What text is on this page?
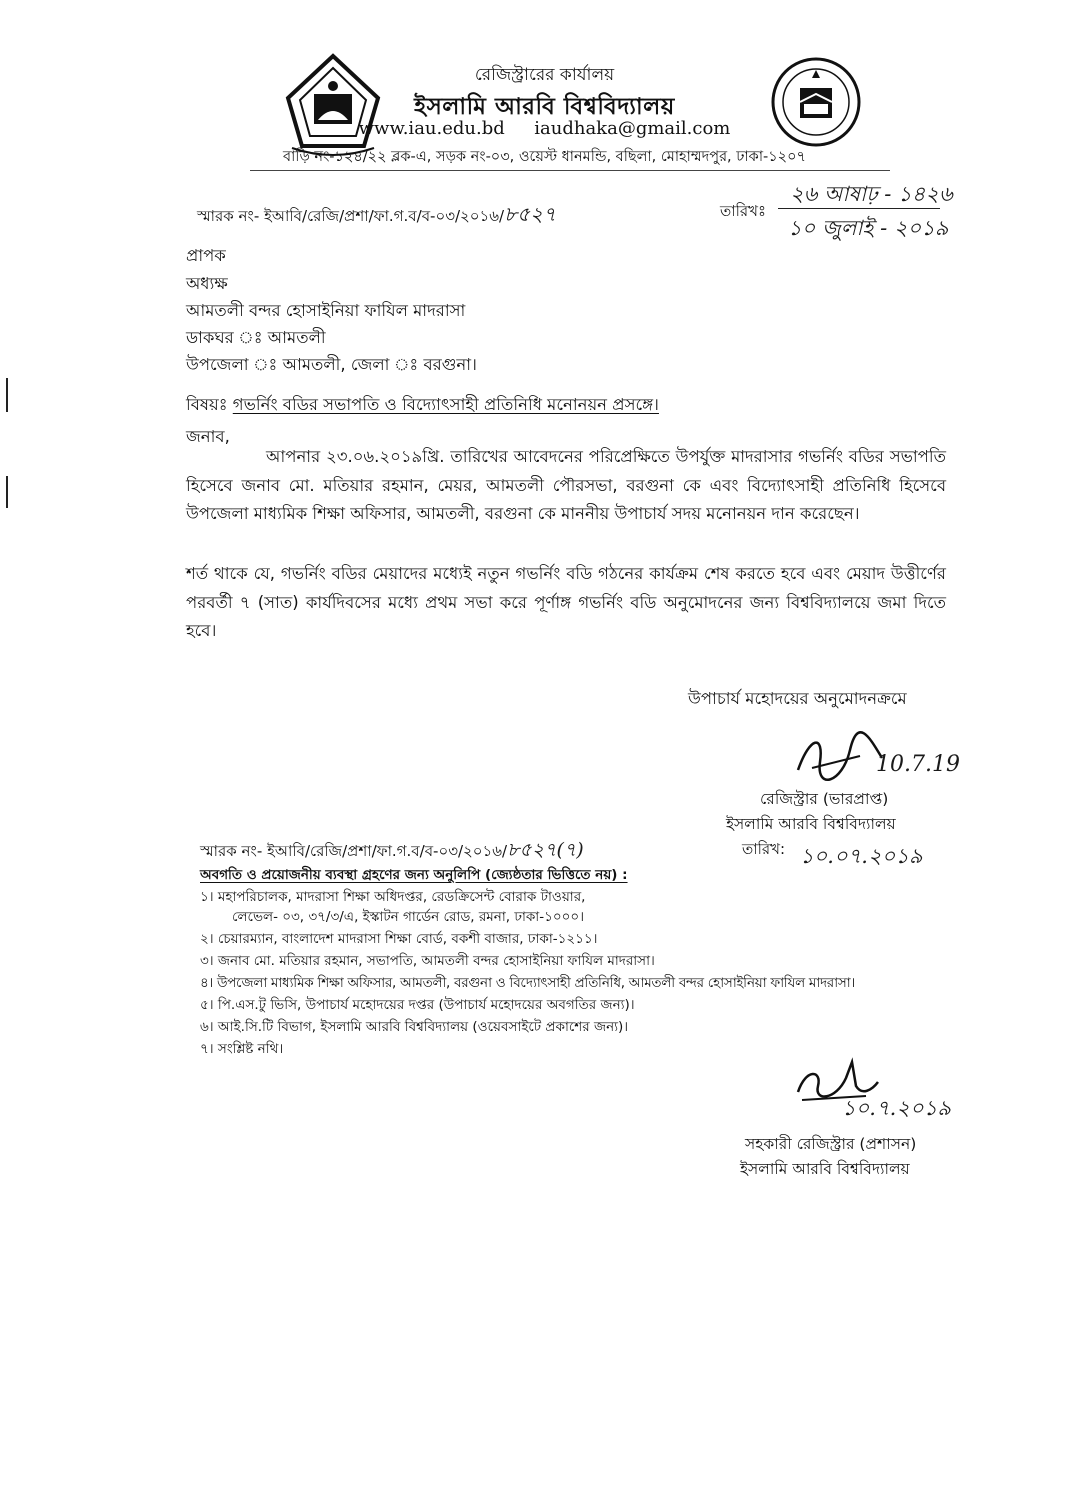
রেজিস্ট্রারের কার্যালয়
ইসলামি আরবি বিশ্ববিদ্যালয়
www.iau.edu.bd iaudhaka@gmail.com
বাড়ি নং-১২৪/২২ ব্লক-এ, সড়ক নং-০৩, ওয়েস্ট ধানমন্ডি, বছিলা, মোহাম্মদপুর, ঢাকা-১২০৭
স্মারক নং- ইআবি/রেজি/প্রশা/ফা.গ.ব/ব-০৩/২০১৬/৮৫২৭	তারিখঃ
২৬ আষাঢ় - ১৪২৬
১০ জুলাই - ২০১৯
প্রাপক
অধ্যক্ষ
আমতলী বন্দর হোসাইনিয়া ফাযিল মাদরাসা
ডাকঘর ঃ আমতলী
উপজেলা ঃ আমতলী, জেলা ঃ বরগুনা।
বিষয়ঃ গভর্নিং বডির সভাপতি ও বিদ্যোৎসাহী প্রতিনিধি মনোনয়ন প্রসঙ্গে।
জনাব,
আপনার ২৩.০৬.২০১৯খ্রি. তারিখের আবেদনের পরিপ্রেক্ষিতে উপর্যুক্ত মাদরাসার গভর্নিং বডির সভাপতি হিসেবে জনাব মো. মতিয়ার রহমান, মেয়র, আমতলী পৌরসভা, বরগুনা কে এবং বিদ্যোৎসাহী প্রতিনিধি হিসেবে উপজেলা মাধ্যমিক শিক্ষা অফিসার, আমতলী, বরগুনা কে মাননীয় উপাচার্য সদয় মনোনয়ন দান করেছেন।
শর্ত থাকে যে, গভর্নিং বডির মেয়াদের মধ্যেই নতুন গভর্নিং বডি গঠনের কার্যক্রম শেষ করতে হবে এবং মেয়াদ উত্তীর্ণের পরবর্তী ৭ (সাত) কার্যদিবসের মধ্যে প্রথম সভা করে পূর্ণাঙ্গ গভর্নিং বডি অনুমোদনের জন্য বিশ্ববিদ্যালয়ে জমা দিতে হবে।
উপাচার্য মহোদয়ের অনুমোদনক্রমে
10.7.19
রেজিস্ট্রার (ভারপ্রাপ্ত)
ইসলামি আরবি বিশ্ববিদ্যালয়
স্মারক নং- ইআবি/রেজি/প্রশা/ফা.গ.ব/ব-০৩/২০১৬/৮৫২৭(৭)	তারিখ: ১০.০৭.২০১৯
অবগতি ও প্রয়োজনীয় ব্যবস্থা গ্রহণের জন্য অনুলিপি (জ্যেষ্ঠতার ভিত্তিতে নয়) :
১। মহাপরিচালক, মাদরাসা শিক্ষা অধিদপ্তর, রেডক্রিসেন্ট বোরাক টাওয়ার,
লেভেল- ০৩, ৩৭/৩/এ, ইস্কাটন গার্ডেন রোড, রমনা, ঢাকা-১০০০।
২। চেয়ারম্যান, বাংলাদেশ মাদরাসা শিক্ষা বোর্ড, বকশী বাজার, ঢাকা-১২১১।
৩। জনাব মো. মতিয়ার রহমান, সভাপতি, আমতলী বন্দর হোসাইনিয়া ফাযিল মাদরাসা।
৪। উপজেলা মাধ্যমিক শিক্ষা অফিসার, আমতলী, বরগুনা ও বিদ্যোৎসাহী প্রতিনিধি, আমতলী বন্দর হোসাইনিয়া ফাযিল মাদরাসা।
৫। পি.এস.টু ভিসি, উপাচার্য মহোদয়ের দপ্তর (উপাচার্য মহোদয়ের অবগতির জন্য)।
৬। আই.সি.টি বিভাগ, ইসলামি আরবি বিশ্ববিদ্যালয় (ওয়েবসাইটে প্রকাশের জন্য)।
৭। সংশ্লিষ্ট নথি।
১০.৭.২০১৯
সহকারী রেজিস্ট্রার (প্রশাসন)
ইসলামি আরবি বিশ্ববিদ্যালয়
